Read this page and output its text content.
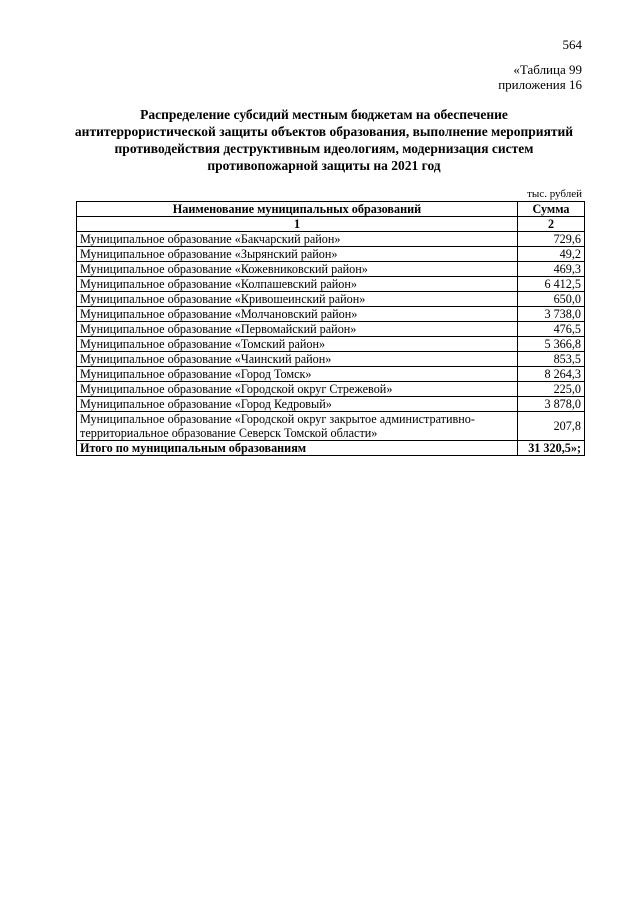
564
«Таблица 99
приложения 16
Распределение субсидий местным бюджетам на обеспечение антитеррористической защиты объектов образования, выполнение мероприятий противодействия деструктивным идеологиям, модернизация систем противопожарной защиты на 2021 год
тыс. рублей
Наименование муниципальных образований	Сумма
1	2
Муниципальное образование «Бакчарский район»	729,6
Муниципальное образование «Зырянский район»	49,2
Муниципальное образование «Кожевниковский район»	469,3
Муниципальное образование «Колпашевский район»	6 412,5
Муниципальное образование «Кривошеинский район»	650,0
Муниципальное образование «Молчановский район»	3 738,0
Муниципальное образование «Первомайский район»	476,5
Муниципальное образование «Томский район»	5 366,8
Муниципальное образование «Чаинский район»	853,5
Муниципальное образование «Город Томск»	8 264,3
Муниципальное образование «Городской округ Стрежевой»	225,0
Муниципальное образование «Город Кедровый»	3 878,0
Муниципальное образование «Городской округ закрытое административно-территориальное образование Северск Томской области»	207,8
Итого по муниципальным образованиям	31 320,5»;
